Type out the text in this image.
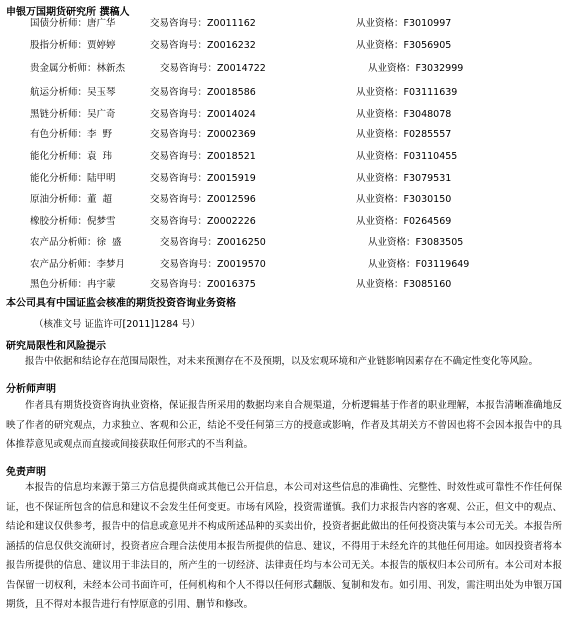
申银万国期货研究所 撰稿人
国债分析师：唐广华	交易咨询号：Z0011162	从业资格：F3010997
股指分析师：贾婷婷	交易咨询号：Z0016232	从业资格：F3056905
贵金属分析师：林新杰	交易咨询号：Z0014722	从业资格：F3032999
航运分析师：吴玉琴	交易咨询号：Z0018586	从业资格：F03111639
黑链分析师：吴广奇	交易咨询号：Z0014024	从业资格：F3048078
有色分析师：李  野	交易咨询号：Z0002369	从业资格：F0285557
能化分析师：袁  玮	交易咨询号：Z0018521	从业资格：F03110455
能化分析师：陆甲明	交易咨询号：Z0015919	从业资格：F3079531
原油分析师：董  超	交易咨询号：Z0012596	从业资格：F3030150
橡胶分析师：倪梦雪	交易咨询号：Z0002226	从业资格：F0264569
农产品分析师：徐  盛	交易咨询号：Z0016250	从业资格：F3083505
农产品分析师：李梦月	交易咨询号：Z0019570	从业资格：F03119649
黑色分析师：冉宇蒙	交易咨询号：Z0016375	从业资格：F3085160
本公司具有中国证监会核准的期货投资咨询业务资格
（核准文号 证监许可[2011]1284 号）
研究局限性和风险提示
报告中依据和结论存在范围局限性，对未来预测存在不及预期，以及宏观环境和产业链影响因素存在不确定性变化等风险。
分析师声明
作者具有期货投资咨询执业资格，保证报告所采用的数据均来自合规渠道，分析逻辑基于作者的职业理解，本报告清晰准确地反映了作者的研究观点，力求独立、客观和公正，结论不受任何第三方的授意或影响，作者及其胡关方不曾因也将不会因本报告中的具体推荐意见或观点而直接或间接获取任何形式的不当利益。
免责声明
本报告的信息均来源于第三方信息提供商或其他已公开信息，本公司对这些信息的准确性、完整性、时效性或可靠性不作任何保证，也不保证所包含的信息和建议不会发生任何变更。市场有风险，投资需谨慎。我们力求报告内容的客观、公正，但文中的观点、结论和建议仅供参考，报告中的信息或意见并不构成所述品种的买卖出价，投资者据此做出的任何投资决策与本公司无关。本报告所涵括的信息仅供交流研讨，投资者应合理合法使用本报告所提供的信息、建议，不得用于未经允许的其他任何用途。如因投资者将本报告所提供的信息、建议用于非法目的，所产生的一切经济、法律责任均与本公司无关。本报告的版权归本公司所有。本公司对本报告保留一切权利，未经本公司书面许可，任何机构和个人不得以任何形式翻版、复制和发布。如引用、刊发，需注明出处为申银万国期货，且不得对本报告进行有悖原意的引用、删节和修改。
